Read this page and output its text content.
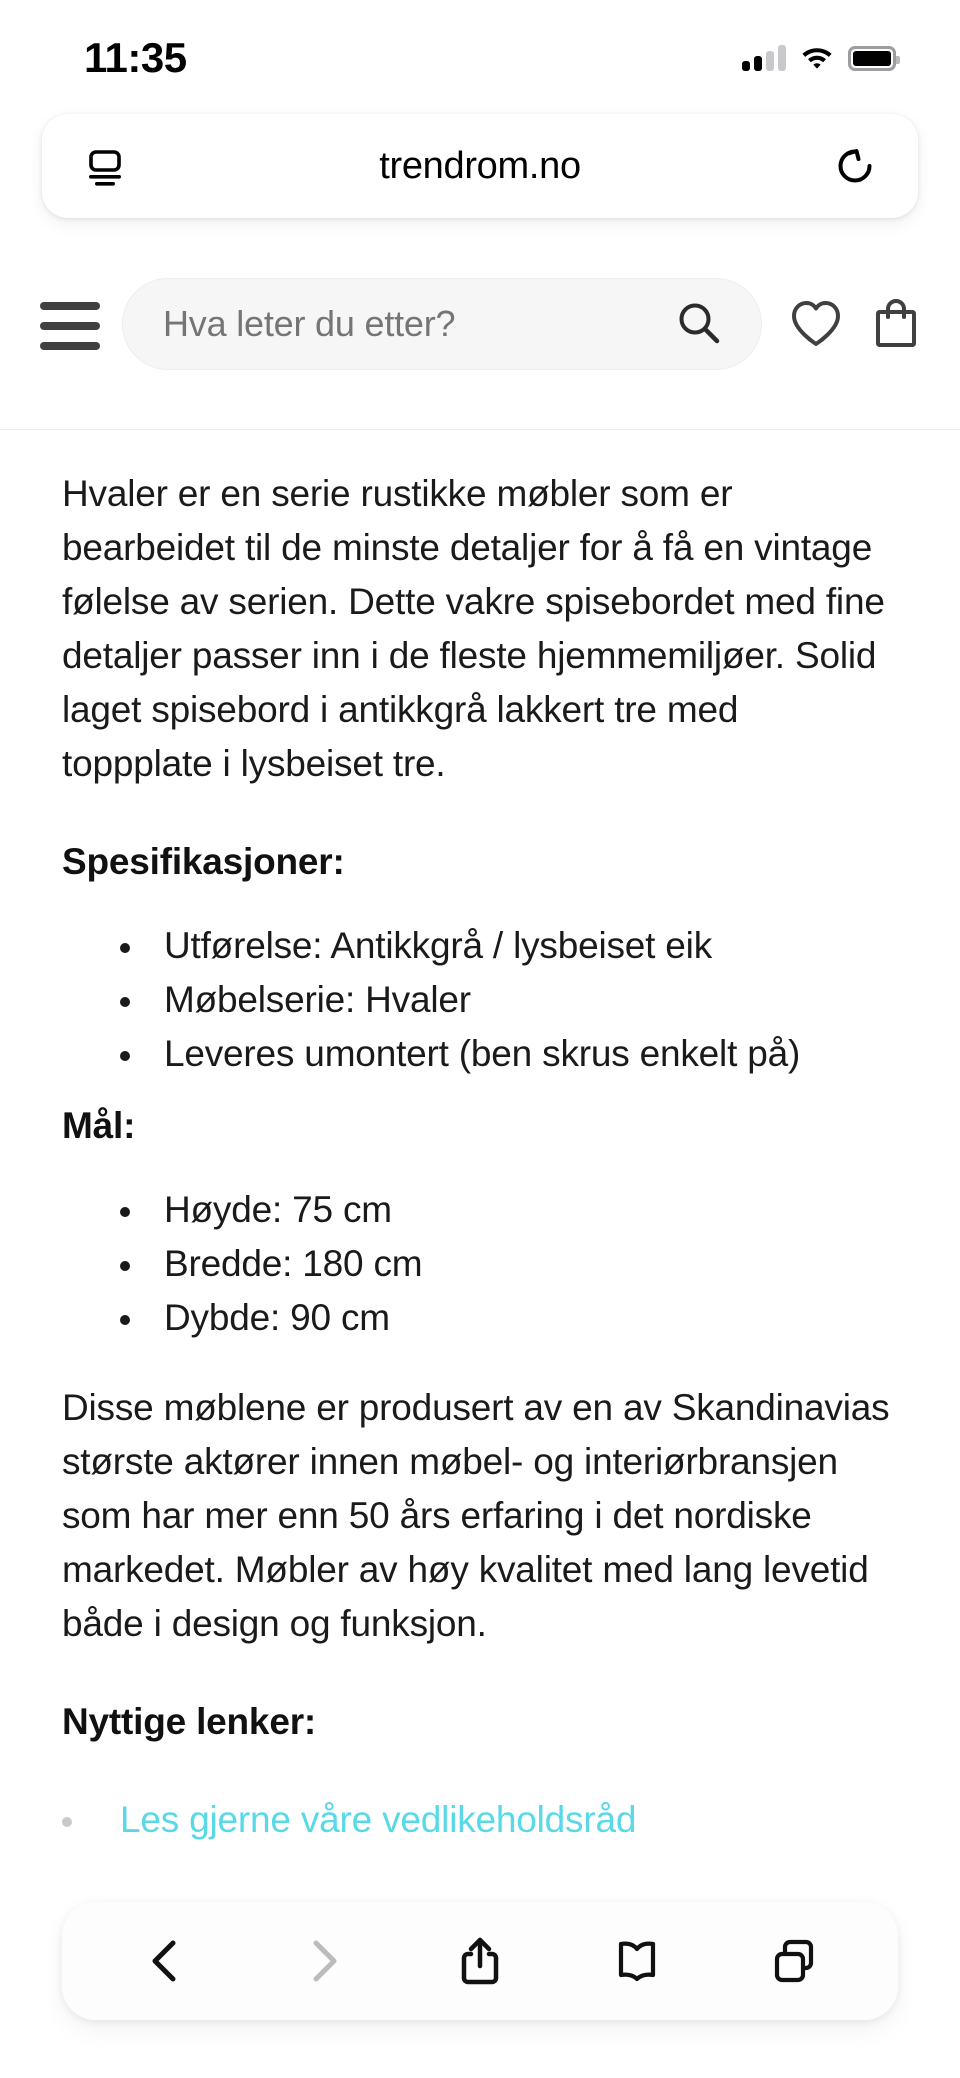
11:35
trendrom.no
Hva leter du etter?

Hvaler er en serie rustikke møbler som er bearbeidet til de minste detaljer for å få en vintage følelse av serien. Dette vakre spisebordet med fine detaljer passer inn i de fleste hjemmemiljøer. Solid laget spisebord i antikkgrå lakkert tre med toppplate i lysbeiset tre.

Spesifikasjoner:
Utførelse: Antikkgrå / lysbeiset eik
Møbelserie: Hvaler
Leveres umontert (ben skrus enkelt på)
Mål:
Høyde: 75 cm
Bredde: 180 cm
Dybde: 90 cm

Disse møblene er produsert av en av Skandinavias største aktører innen møbel- og interiørbransjen som har mer enn 50 års erfaring i det nordiske markedet. Møbler av høy kvalitet med lang levetid både i design og funksjon.

Nyttige lenker:
Les gjerne våre vedlikeholdsråd
